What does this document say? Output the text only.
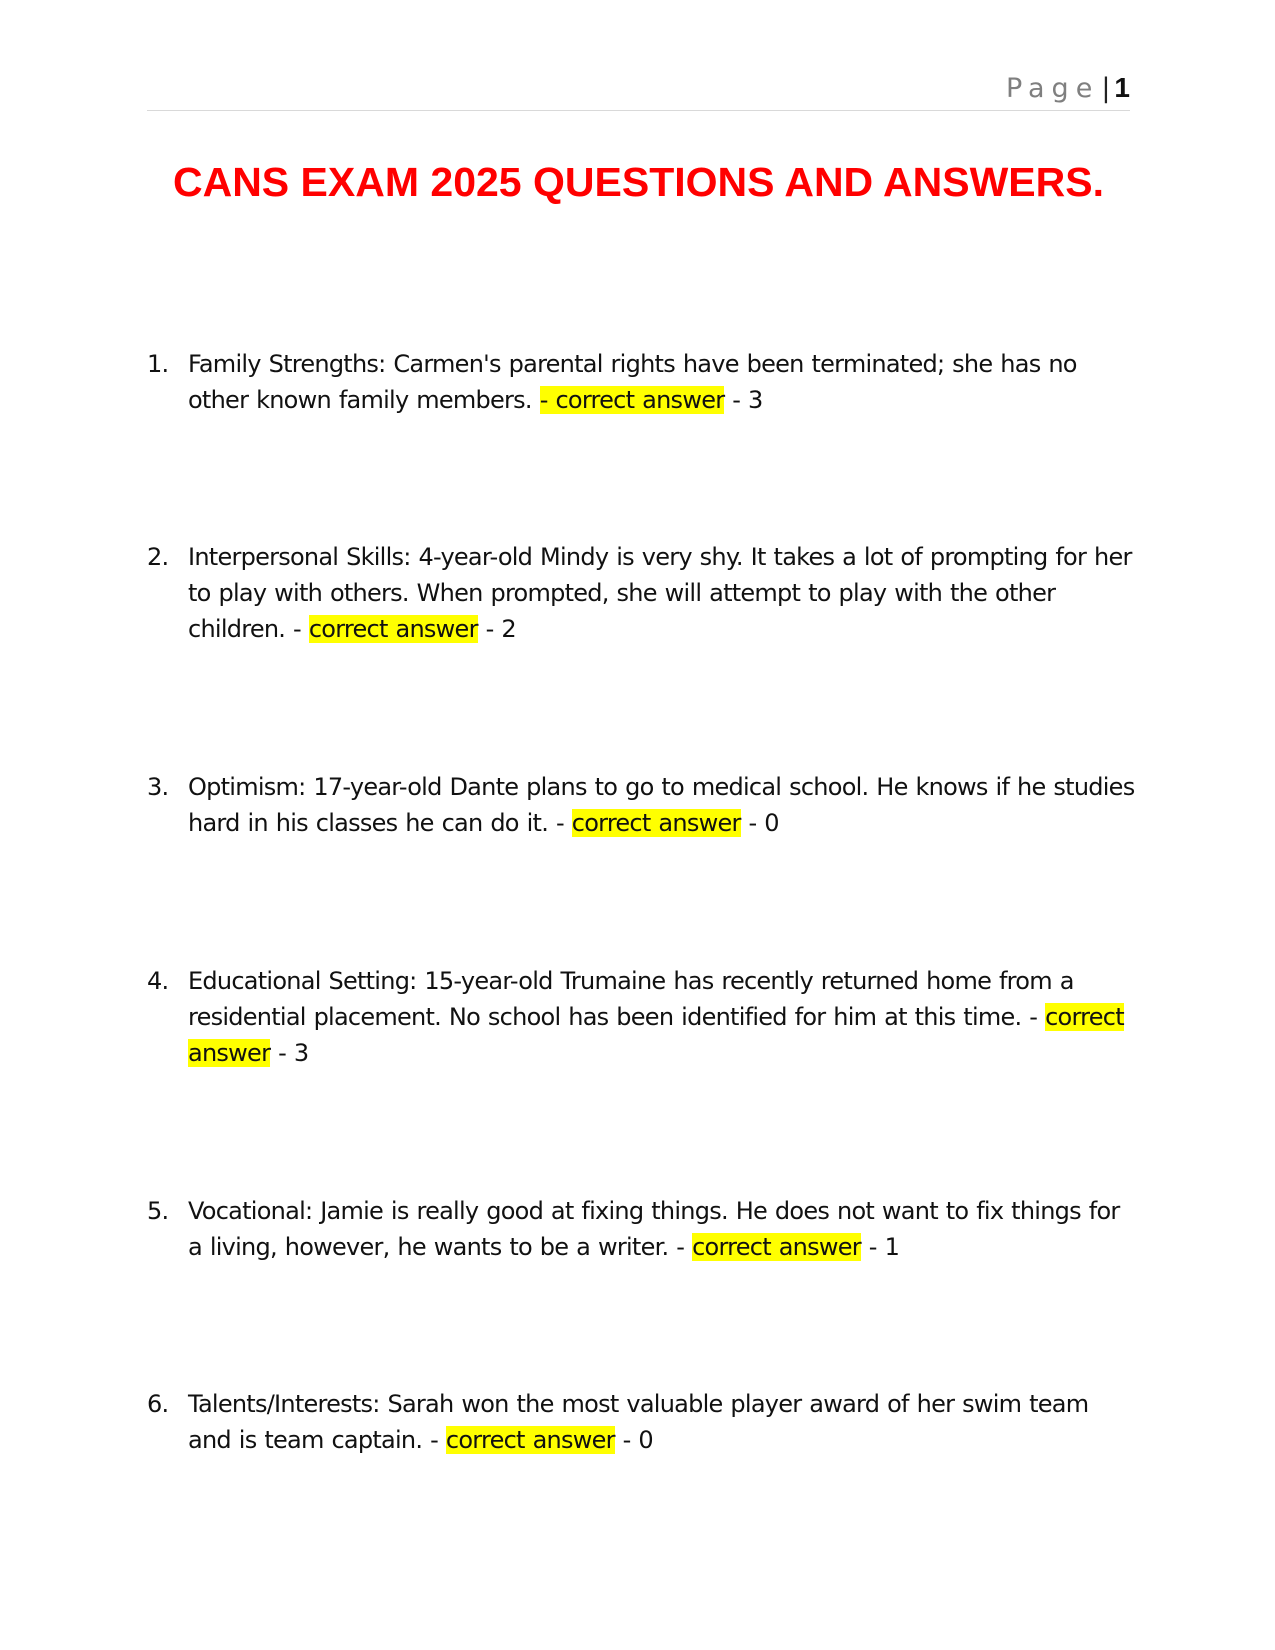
Page| 1
CANS EXAM 2025 QUESTIONS AND ANSWERS.
1. Family Strengths: Carmen's parental rights have been terminated; she has no other known family members. - correct answer - 3
2. Interpersonal Skills: 4-year-old Mindy is very shy. It takes a lot of prompting for her to play with others. When prompted, she will attempt to play with the other children. - correct answer - 2
3. Optimism: 17-year-old Dante plans to go to medical school. He knows if he studies hard in his classes he can do it. - correct answer - 0
4. Educational Setting: 15-year-old Trumaine has recently returned home from a residential placement. No school has been identified for him at this time. - correct answer - 3
5. Vocational: Jamie is really good at fixing things. He does not want to fix things for a living, however, he wants to be a writer. - correct answer - 1
6. Talents/Interests: Sarah won the most valuable player award of her swim team and is team captain. - correct answer - 0
